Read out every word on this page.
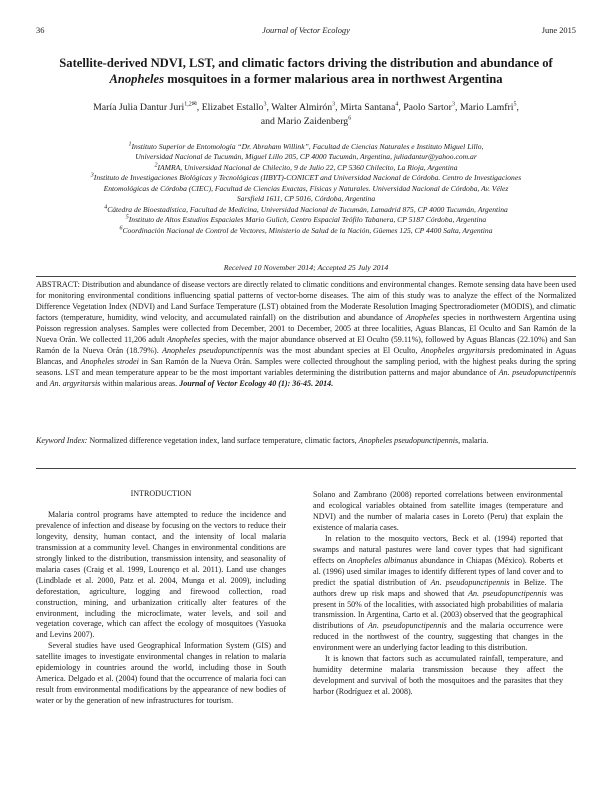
36	Journal of Vector Ecology	June 2015
Satellite-derived NDVI, LST, and climatic factors driving the distribution and abundance of
Anopheles mosquitoes in a former malarious area in northwest Argentina
María Julia Dantur Juri$^{1,2✉}$, Elizabet Estallo$^3$, Walter Almirón$^3$, Mirta Santana$^4$, Paolo Sartor$^3$, Mario Lamfri$^5$,
and Mario Zaidenberg$^6$
$^1$Instituto Superior de Entomología “Dr. Abraham Willink”, Facultad de Ciencias Naturales e Instituto Miguel Lillo,
Universidad Nacional de Tucumán, Miguel Lillo 205, CP 4000 Tucumán, Argentina, juliadantur@yahoo.com.ar
$^2$IAMRA, Universidad Nacional de Chilecito, 9 de Julio 22, CP 5360 Chilecito, La Rioja, Argentina
$^3$Instituto de Investigaciones Biológicas y Tecnológicas (IIBYT)-CONICET and Universidad Nacional de Córdoba. Centro de Investigaciones
Entomológicas de Córdoba (CIEC), Facultad de Ciencias Exactas, Físicas y Naturales. Universidad Nacional de Córdoba, Av. Vélez
Sarsfield 1611, CP 5016, Córdoba, Argentina
$^4$Cátedra de Bioestadística, Facultad de Medicina, Universidad Nacional de Tucumán, Lamadrid 875, CP 4000 Tucumán, Argentina
$^5$Instituto de Altos Estudios Espaciales Mario Gulich, Centro Espacial Teófilo Tabanera, CP 5187 Córdoba, Argentina
$^6$Coordinación Nacional de Control de Vectores, Ministerio de Salud de la Nación, Güemes 125, CP 4400 Salta, Argentina
Received 10 November 2014; Accepted 25 July 2014
ABSTRACT: Distribution and abundance of disease vectors are directly related to climatic conditions and environmental changes. Remote sensing data have been used for monitoring environmental conditions influencing spatial patterns of vector-borne diseases. The aim of this study was to analyze the effect of the Normalized Difference Vegetation Index (NDVI) and Land Surface Temperature (LST) obtained from the Moderate Resolution Imaging Spectroradiometer (MODIS), and climatic factors (temperature, humidity, wind velocity, and accumulated rainfall) on the distribution and abundance of Anopheles species in northwestern Argentina using Poisson regression analyses. Samples were collected from December, 2001 to December, 2005 at three localities, Aguas Blancas, El Oculto and San Ramón de la Nueva Orán. We collected 11,206 adult Anopheles species, with the major abundance observed at El Oculto (59.11%), followed by Aguas Blancas (22.10%) and San Ramón de la Nueva Orán (18.79%). Anopheles pseudopunctipennis was the most abundant species at El Oculto, Anopheles argyritarsis predominated in Aguas Blancas, and Anopheles strodei in San Ramón de la Nueva Orán. Samples were collected throughout the sampling period, with the highest peaks during the spring seasons. LST and mean temperature appear to be the most important variables determining the distribution patterns and major abundance of An. pseudopunctipennis and An. argyritarsis within malarious areas. Journal of Vector Ecology 40 (1): 36-45. 2014.
Keyword Index: Normalized difference vegetation index, land surface temperature, climatic factors, Anopheles pseudopunctipennis, malaria.

INTRODUCTION

Malaria control programs have attempted to reduce the incidence and prevalence of infection and disease by focusing on the vectors to reduce their longevity, density, human contact, and the intensity of local malaria transmission at a community level. Changes in environmental conditions are strongly linked to the distribution, transmission intensity, and seasonality of malaria cases (Craig et al. 1999, Lourenço et al. 2011). Land use changes (Lindblade et al. 2000, Patz et al. 2004, Munga et al. 2009), including deforestation, agriculture, logging and firewood collection, road construction, mining, and urbanization critically alter features of the environment, including the microclimate, water levels, and soil and vegetation coverage, which can affect the ecology of mosquitoes (Yasuoka and Levins 2007).

Several studies have used Geographical Information System (GIS) and satellite images to investigate environmental changes in relation to malaria epidemiology in countries around the world, including those in South America. Delgado et al. (2004) found that the occurrence of malaria foci can result from environmental modifications by the appearance of new bodies of water or by the generation of new infrastructures for tourism.

Solano and Zambrano (2008) reported correlations between environmental and ecological variables obtained from satellite images (temperature and NDVI) and the number of malaria cases in Loreto (Peru) that explain the existence of malaria cases.

In relation to the mosquito vectors, Beck et al. (1994) reported that swamps and natural pastures were land cover types that had significant effects on Anopheles albimanus abundance in Chiapas (México). Roberts et al. (1996) used similar images to identify different types of land cover and to predict the spatial distribution of An. pseudopunctipennis in Belize. The authors drew up risk maps and showed that An. pseudopunctipennis was present in 50% of the localities, with associated high probabilities of malaria transmission. In Argentina, Carto et al. (2003) observed that the geographical distributions of An. pseudopunctipennis and the malaria occurrence were reduced in the northwest of the country, suggesting that changes in the environment were an underlying factor leading to this distribution.

It is known that factors such as accumulated rainfall, temperature, and humidity determine malaria transmission because they affect the development and survival of both the mosquitoes and the parasites that they harbor (Rodríguez et al. 2008).
